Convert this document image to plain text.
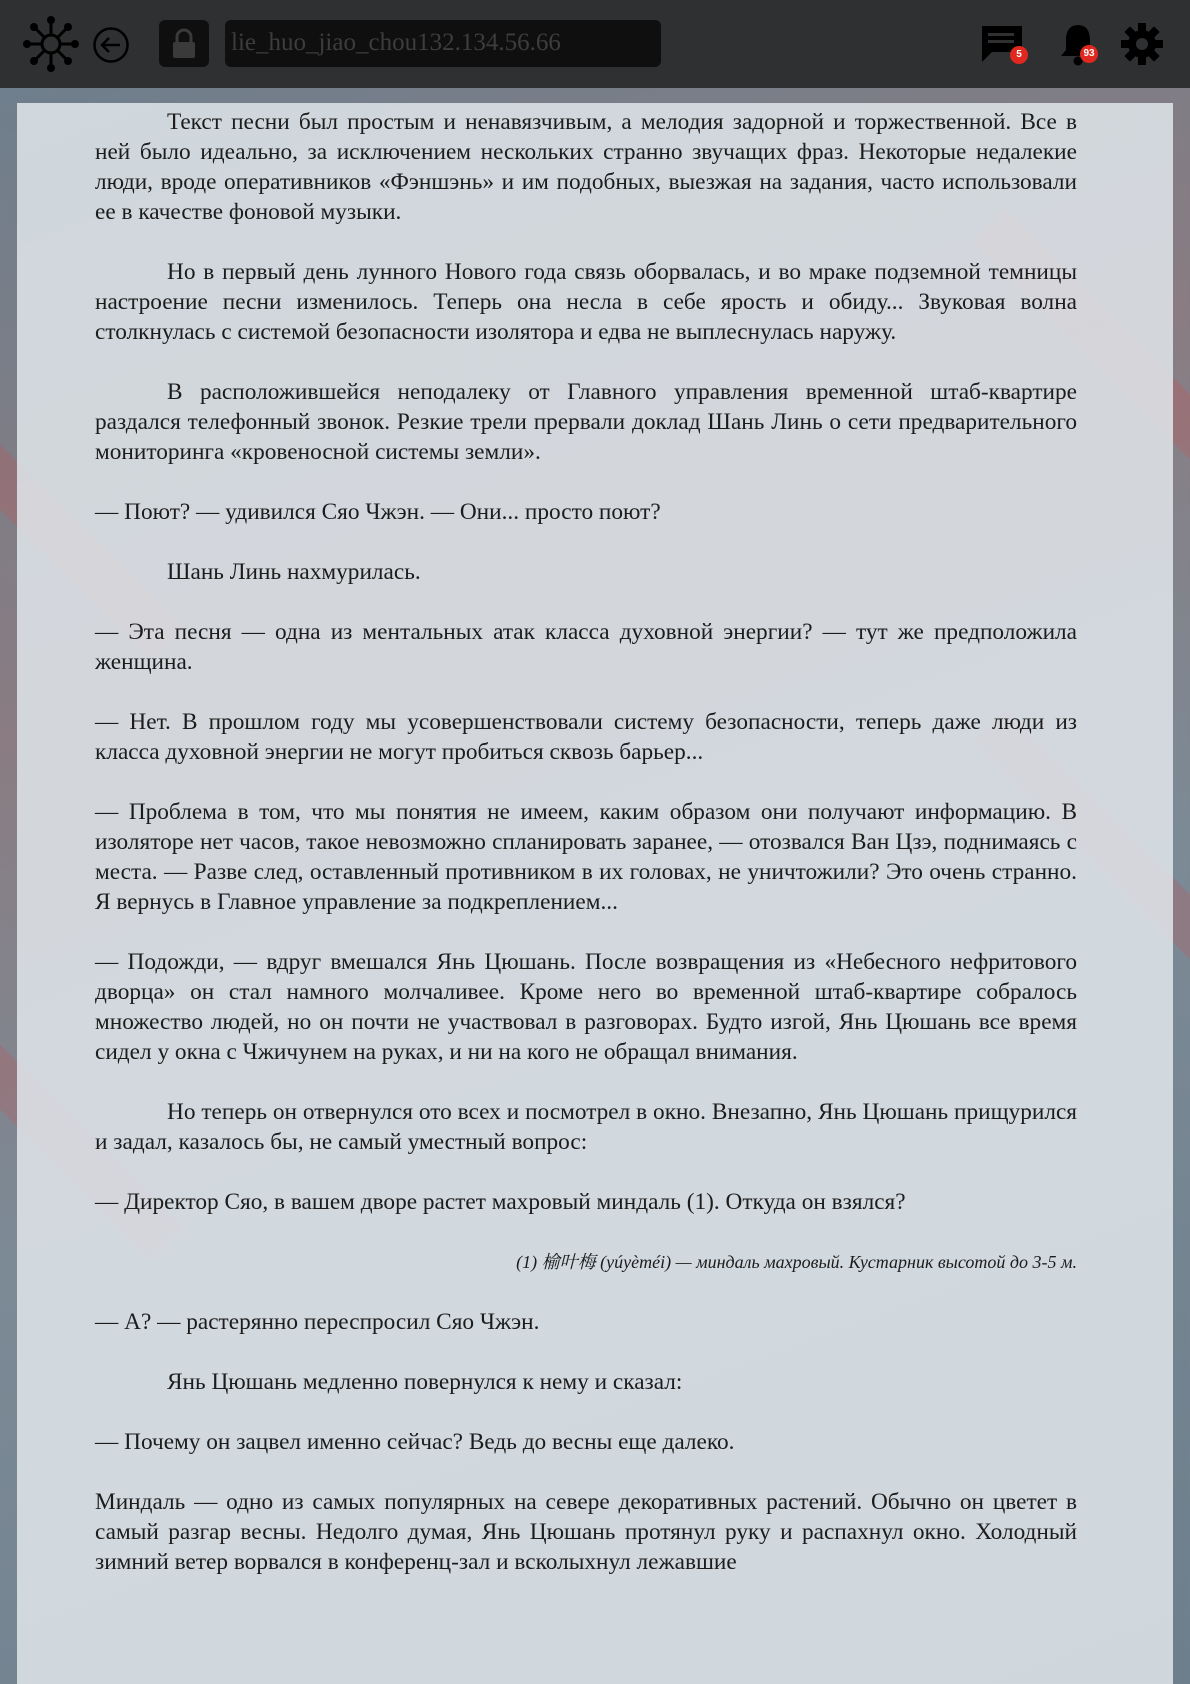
lie_huo_jiao_chou132.134.56.66	5	93

Текст песни был простым и ненавязчивым, а мелодия задорной и торжественной. Все в ней было идеально, за исключением нескольких странно звучащих фраз. Некоторые недалекие люди, вроде оперативников «Фэншэнь» и им подобных, выезжая на задания, часто использовали ее в качестве фоновой музыки.

Но в первый день лунного Нового года связь оборвалась, и во мраке подземной темницы настроение песни изменилось. Теперь она несла в себе ярость и обиду... Звуковая волна столкнулась с системой безопасности изолятора и едва не выплеснулась наружу.

В расположившейся неподалеку от Главного управления временной штаб-квартире раздался телефонный звонок. Резкие трели прервали доклад Шань Линь о сети предварительного мониторинга «кровеносной системы земли».

— Поют? — удивился Сяо Чжэн. — Они... просто поют?

Шань Линь нахмурилась.

— Эта песня — одна из ментальных атак класса духовной энергии? — тут же предположила женщина.

— Нет. В прошлом году мы усовершенствовали систему безопасности, теперь даже люди из класса духовной энергии не могут пробиться сквозь барьер...

— Проблема в том, что мы понятия не имеем, каким образом они получают информацию. В изоляторе нет часов, такое невозможно спланировать заранее, — отозвался Ван Цзэ, поднимаясь с места. — Разве след, оставленный противником в их головах, не уничтожили? Это очень странно. Я вернусь в Главное управление за подкреплением...

— Подожди, — вдруг вмешался Янь Цюшань. После возвращения из «Небесного нефритового дворца» он стал намного молчаливее. Кроме него во временной штаб-квартире собралось множество людей, но он почти не участвовал в разговорах. Будто изгой, Янь Цюшань все время сидел у окна с Чжичунем на руках, и ни на кого не обращал внимания.

Но теперь он отвернулся ото всех и посмотрел в окно. Внезапно, Янь Цюшань прищурился и задал, казалось бы, не самый уместный вопрос:

— Директор Сяо, в вашем дворе растет махровый миндаль (1). Откуда он взялся?

(1) 榆叶梅 (yúyèméi) — миндаль махровый. Кустарник высотой до 3-5 м.

— А? — растерянно переспросил Сяо Чжэн.

Янь Цюшань медленно повернулся к нему и сказал:

— Почему он зацвел именно сейчас? Ведь до весны еще далеко.

Миндаль — одно из самых популярных на севере декоративных растений. Обычно он цветет в самый разгар весны. Недолго думая, Янь Цюшань протянул руку и распахнул окно. Холодный зимний ветер ворвался в конференц-зал и всколыхнул лежавшие
